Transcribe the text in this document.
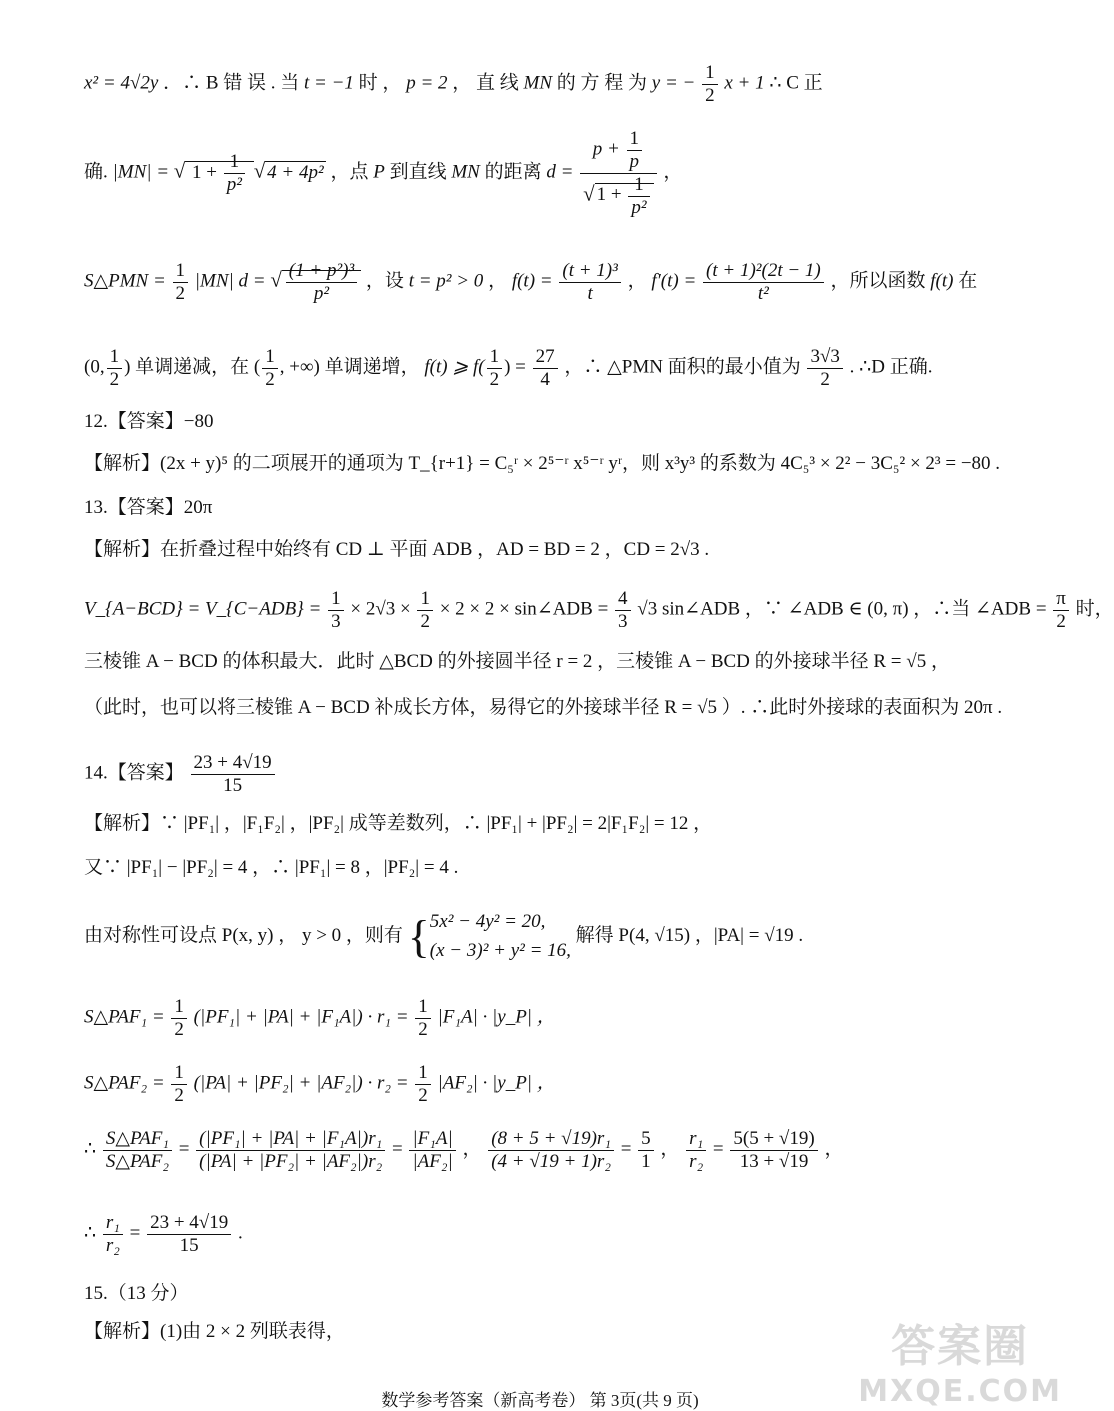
x² = 4√2y ．∴ B 错 误 . 当 t = −1 时 ， p = 2 ， 直 线 MN 的 方 程 为 y = − $\frac{1}{2}$ x + 1 ∴ C 正
确. |MN| = √ $1 + \frac{1}{\text{p²}}$ √ 4 + 4p² ，点 P 到直线 MN 的距离 $d = \frac{p + \frac{1}{p}}{√ 1 + \frac{1}{\text{p²}}}$ ，
S△PMN = $\frac{1}{2} |MN|$ d = √ $\frac{\text{(1 + p²)³}}{\text{p²}}$ ，设 t = p² > 0 ， $f(t) = \frac{\text{(t + 1)³}}{t}$ ， $f'(t) = \frac{\text{(t + 1)²(2t − 1)}}{\text{t²}}$ ，所以函数 f(t) 在
(0, $\frac{1}{2}$ ) 单调递减，在 ( $\frac{1}{2}$ , +∞) 单调递增， f(t) ⩾ $f( \frac{1}{2}$ ) = $\frac{27}{4}$ ，∴ △PMN 面积的最小值为 $\frac{3√3}{2}$ . ∴D 正确.
12.【答案】−80
【解析】(2x + y)⁵ 的二项展开的通项为 T_{r+1} = C₅ʳ × 2⁵⁻ʳ x⁵⁻ʳ yʳ，则 x³y³ 的系数为 4C₅³ × 2² − 3C₅² × 2³ = −80 .
13.【答案】20π
【解析】在折叠过程中始终有 CD ⊥ 平面 ADB ，AD = BD = 2 ，CD = 2√3 .
V_{A−BCD} = V_{C−ADB} = $\frac{1}{3} \times 2√3 \times \frac{1}{2} \times 2 \times 2$ × sin∠ADB = $\frac{4}{3} √3$ sin∠ADB ，∵ ∠ADB ∈ (0, π) ，∴当 ∠ADB = $\frac{\pi}{2}$ 时，
三棱锥 A − BCD 的体积最大．此时 △BCD 的外接圆半径 r = 2 ，三棱锥 A − BCD 的外接球半径 R = √5 ，
（此时，也可以将三棱锥 A − BCD 补成长方体，易得它的外接球半径 R = √5 ）. ∴此时外接球的表面积为 20π .
14.【答案】 $\frac{23 + 4√19}{15}$
【解析】∵ |PF₁| ，|F₁F₂| ，|PF₂| 成等差数列，∴ |PF₁| + |PF₂| = 2|F₁F₂| = 12 ，
又∵ |PF₁| − |PF₂| = 4 ，∴ |PF₁| = 8 ，|PF₂| = 4 .
由对称性可设点 P(x, y) ， y > 0 ，则有 {5x² − 4y² = 20,
(x − 3)² + y² = 16, 解得 P(4, √15) ，|PA| = √19 .
S△PAF₁ = $\frac{1}{2} (|PF_1| + |PA| + |F_1A|) \cdot r_1 = \frac{1}{2} |F_1A|$ · |y_P| ，
S△PAF₂ = $\frac{1}{2} (|PA| + |PF_2| + |AF_2|) \cdot r_2 = \frac{1}{2} |AF_2|$ · |y_P| ，
∴ $\frac{\text{S△PAF₁}}{\text{S△PAF₂}} = \frac{\text{(|PF₁| + |PA| + |F₁A|)r₁}}{\text{(|PA| + |PF₂| + |AF₂|)r₂}} = \frac{\text{|F₁A|}}{\text{|AF₂|}}$ ， $\frac{\text{(8 + 5 + √19)r₁}}{\text{(4 + √19 + 1)r₂}} = \frac{5}{1}$ ， $\frac{\text{r₁}}{\text{r₂}} = \frac{5(5 + √19)}{13 + √19}$ ，
∴ $\frac{\text{r₁}}{\text{r₂}} = \frac{23 + 4√19}{15}$ .
15.（13 分）
【解析】(1)由 2 × 2 列联表得，
数学参考答案（新高考卷） 第 3页(共 9 页)
答案圈
MXQE.COM
